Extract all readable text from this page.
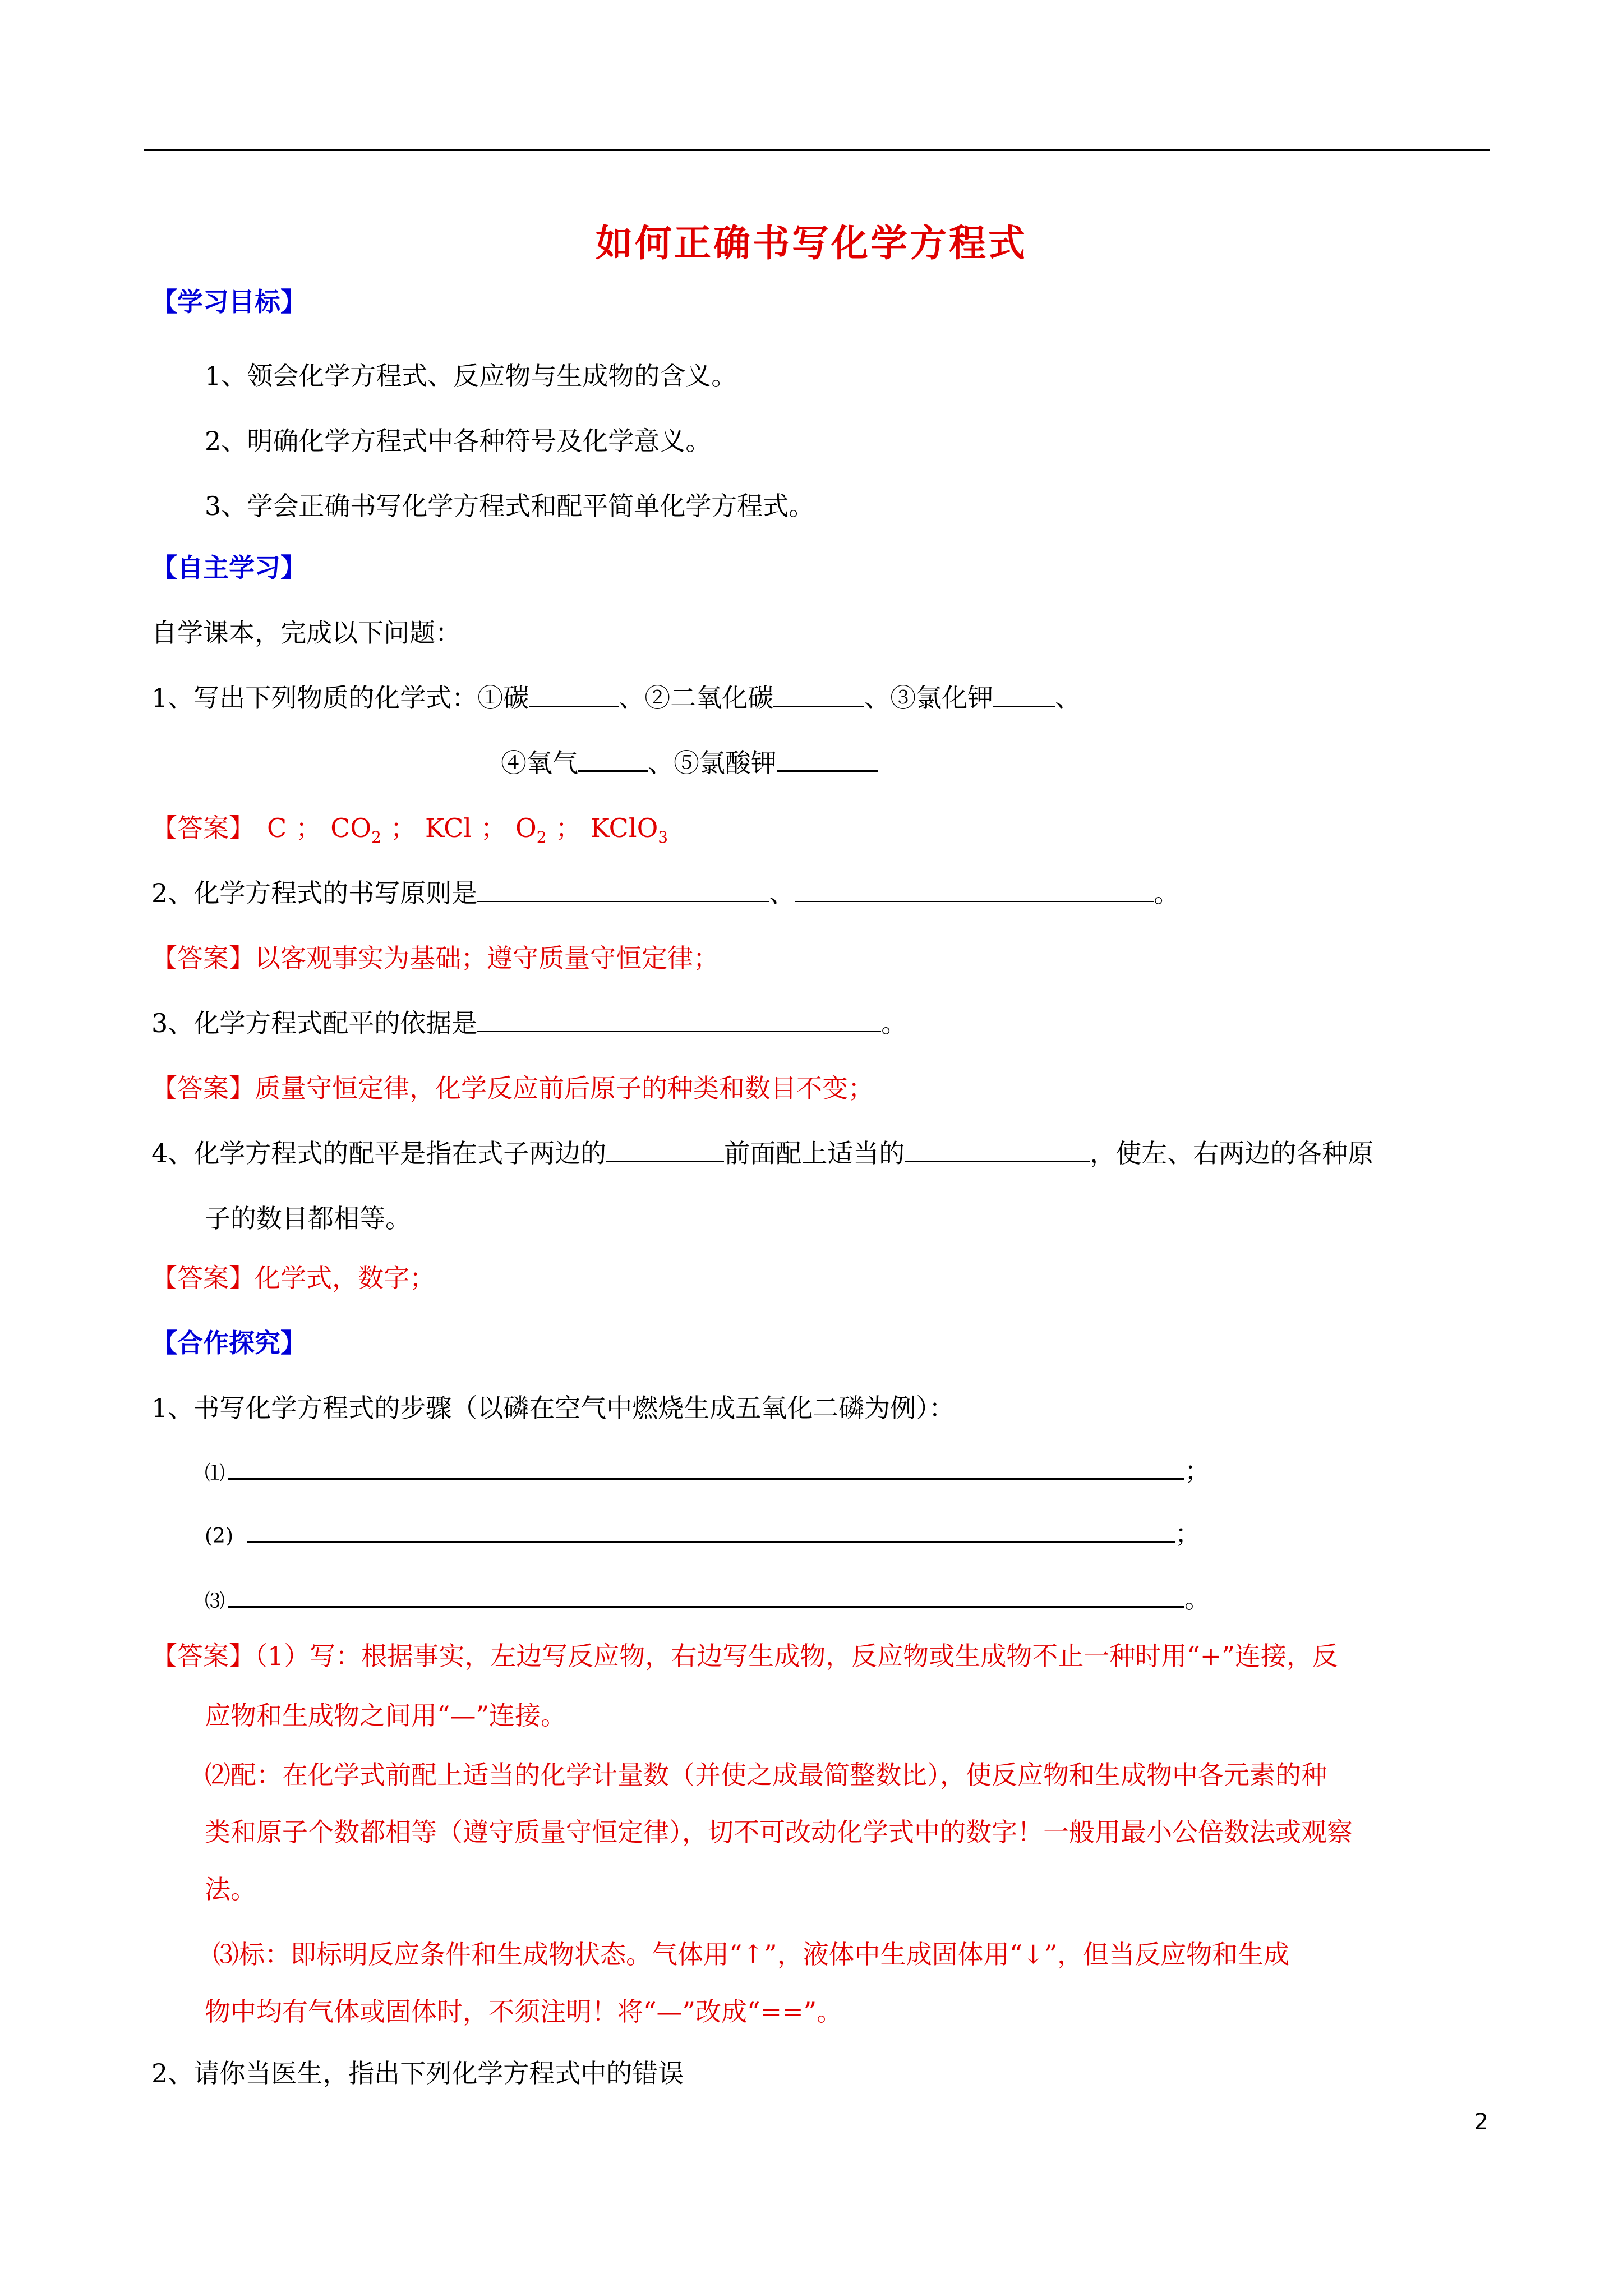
如何正确书写化学方程式
【学习目标】
1、领会化学方程式、反应物与生成物的含义。
2、明确化学方程式中各种符号及化学意义。
3、学会正确书写化学方程式和配平简单化学方程式。
【自主学习】
自学课本，完成以下问题：
1、写出下列物质的化学式：①碳	、②二氧化碳	、③氯化钾 、
④氧气	、⑤氯酸钾
【答案】 C ； $CO_2$ ； KCl ； $O_2$ ； KClO$_3$
2、化学方程式的书写原则是	、	。
【答案】以客观事实为基础；遵守质量守恒定律；
3、化学方程式配平的依据是	。
【答案】质量守恒定律，化学反应前后原子的种类和数目不变；
4、化学方程式的配平是指在式子两边的	前面配上适当的	，使左、右两边的各种原
子的数目都相等。
【答案】化学式，数字；
【合作探究】
1、书写化学方程式的步骤（以磷在空气中燃烧生成五氧化二磷为例）：
⑴	；
(2)	；
⑶	。
【答案】（1）写：根据事实，左边写反应物，右边写生成物，反应物或生成物不止一种时用“+”连接，反
应物和生成物之间用“—”连接。
⑵配：在化学式前配上适当的化学计量数（并使之成最简整数比），使反应物和生成物中各元素的种
类和原子个数都相等（遵守质量守恒定律），切不可改动化学式中的数字！一般用最小公倍数法或观察
法。
⑶标：即标明反应条件和生成物状态。气体用“↑”，液体中生成固体用“↓”，但当反应物和生成
物中均有气体或固体时，不须注明！将“—”改成“==”。
2、请你当医生，指出下列化学方程式中的错误
2
